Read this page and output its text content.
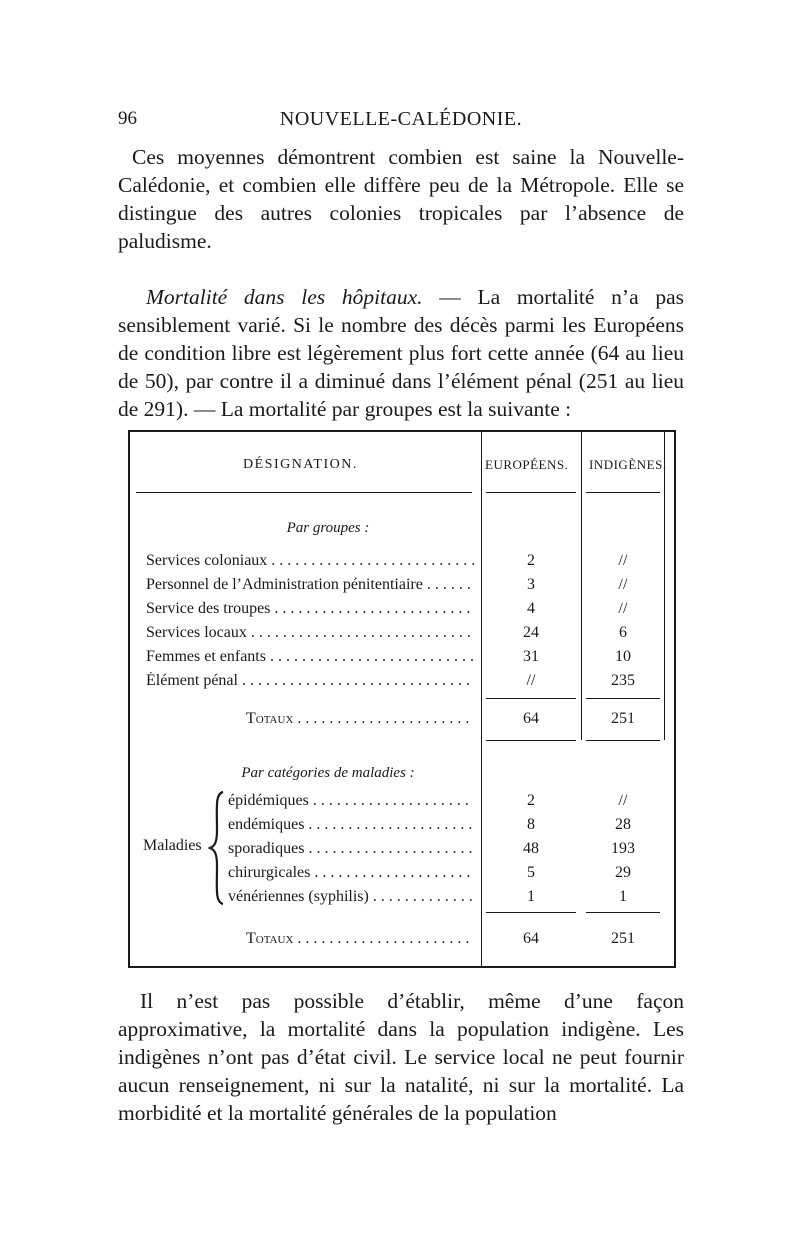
96	NOUVELLE-CALÉDONIE.

Ces moyennes démontrent combien est saine la Nouvelle-Calédonie, et combien elle diffère peu de la Métropole. Elle se distingue des autres colonies tropicales par l’absence de paludisme.

Mortalité dans les hôpitaux. — La mortalité n’a pas sensiblement varié. Si le nombre des décès parmi les Européens de condition libre est légèrement plus fort cette année (64 au lieu de 50), par contre il a diminué dans l’élément pénal (251 au lieu de 291). — La mortalité par groupes est la suivante :

DÉSIGNATION.	EUROPÉENS. INDIGÈNES.
Par groupes :
Services coloniaux . . .	2	//
Personnel de l’Administration pénitentiaire . . .	3	//
Service des troupes . . .	4	//
Services locaux . . .	24	6
Femmes et enfants . . .	31	10
Élément pénal . . .	//	235
Totaux . . .	64	251
Par catégories de maladies :
Maladies
épidémiques . . .	2	//
endémiques . . .	8	28
sporadiques . . .	48	193
chirurgicales . . .	5	29
vénériennes (syphilis) . . .	1	1
Totaux . . .	64	251

Il n’est pas possible d’établir, même d’une façon approximative, la mortalité dans la population indigène. Les indigènes n’ont pas d’état civil. Le service local ne peut fournir aucun renseignement, ni sur la natalité, ni sur la mortalité. La morbidité et la mortalité générales de la population
